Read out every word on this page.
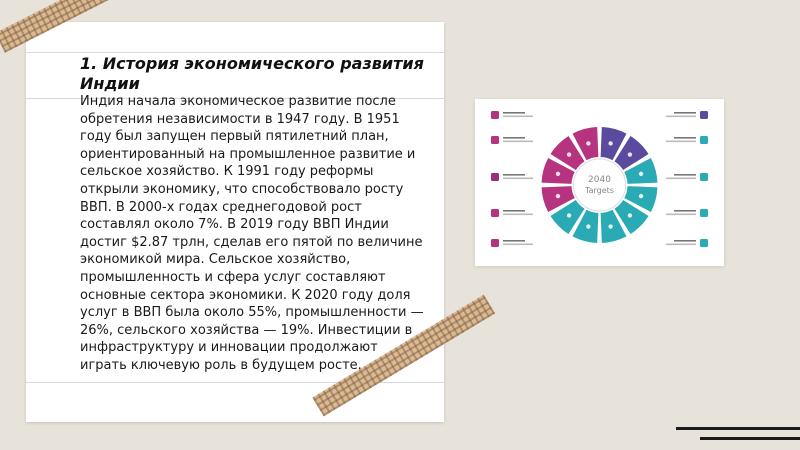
1. История экономического развития Индии

Индия начала экономическое развитие после обретения независимости в 1947 году. В 1951 году был запущен первый пятилетний план, ориентированный на промышленное развитие и сельское хозяйство. К 1991 году реформы открыли экономику, что способствовало росту ВВП. В 2000-х годах среднегодовой рост составлял около 7%. В 2019 году ВВП Индии достиг $2.87 трлн, сделав его пятой по величине экономикой мира. Сельское хозяйство, промышленность и сфера услуг составляют основные сектора экономики. К 2020 году доля услуг в ВВП была около 55%, промышленности — 26%, сельского хозяйства — 19%. Инвестиции в инфраструктуру и инновации продолжают играть ключевую роль в будущем росте.

2040
Targets
